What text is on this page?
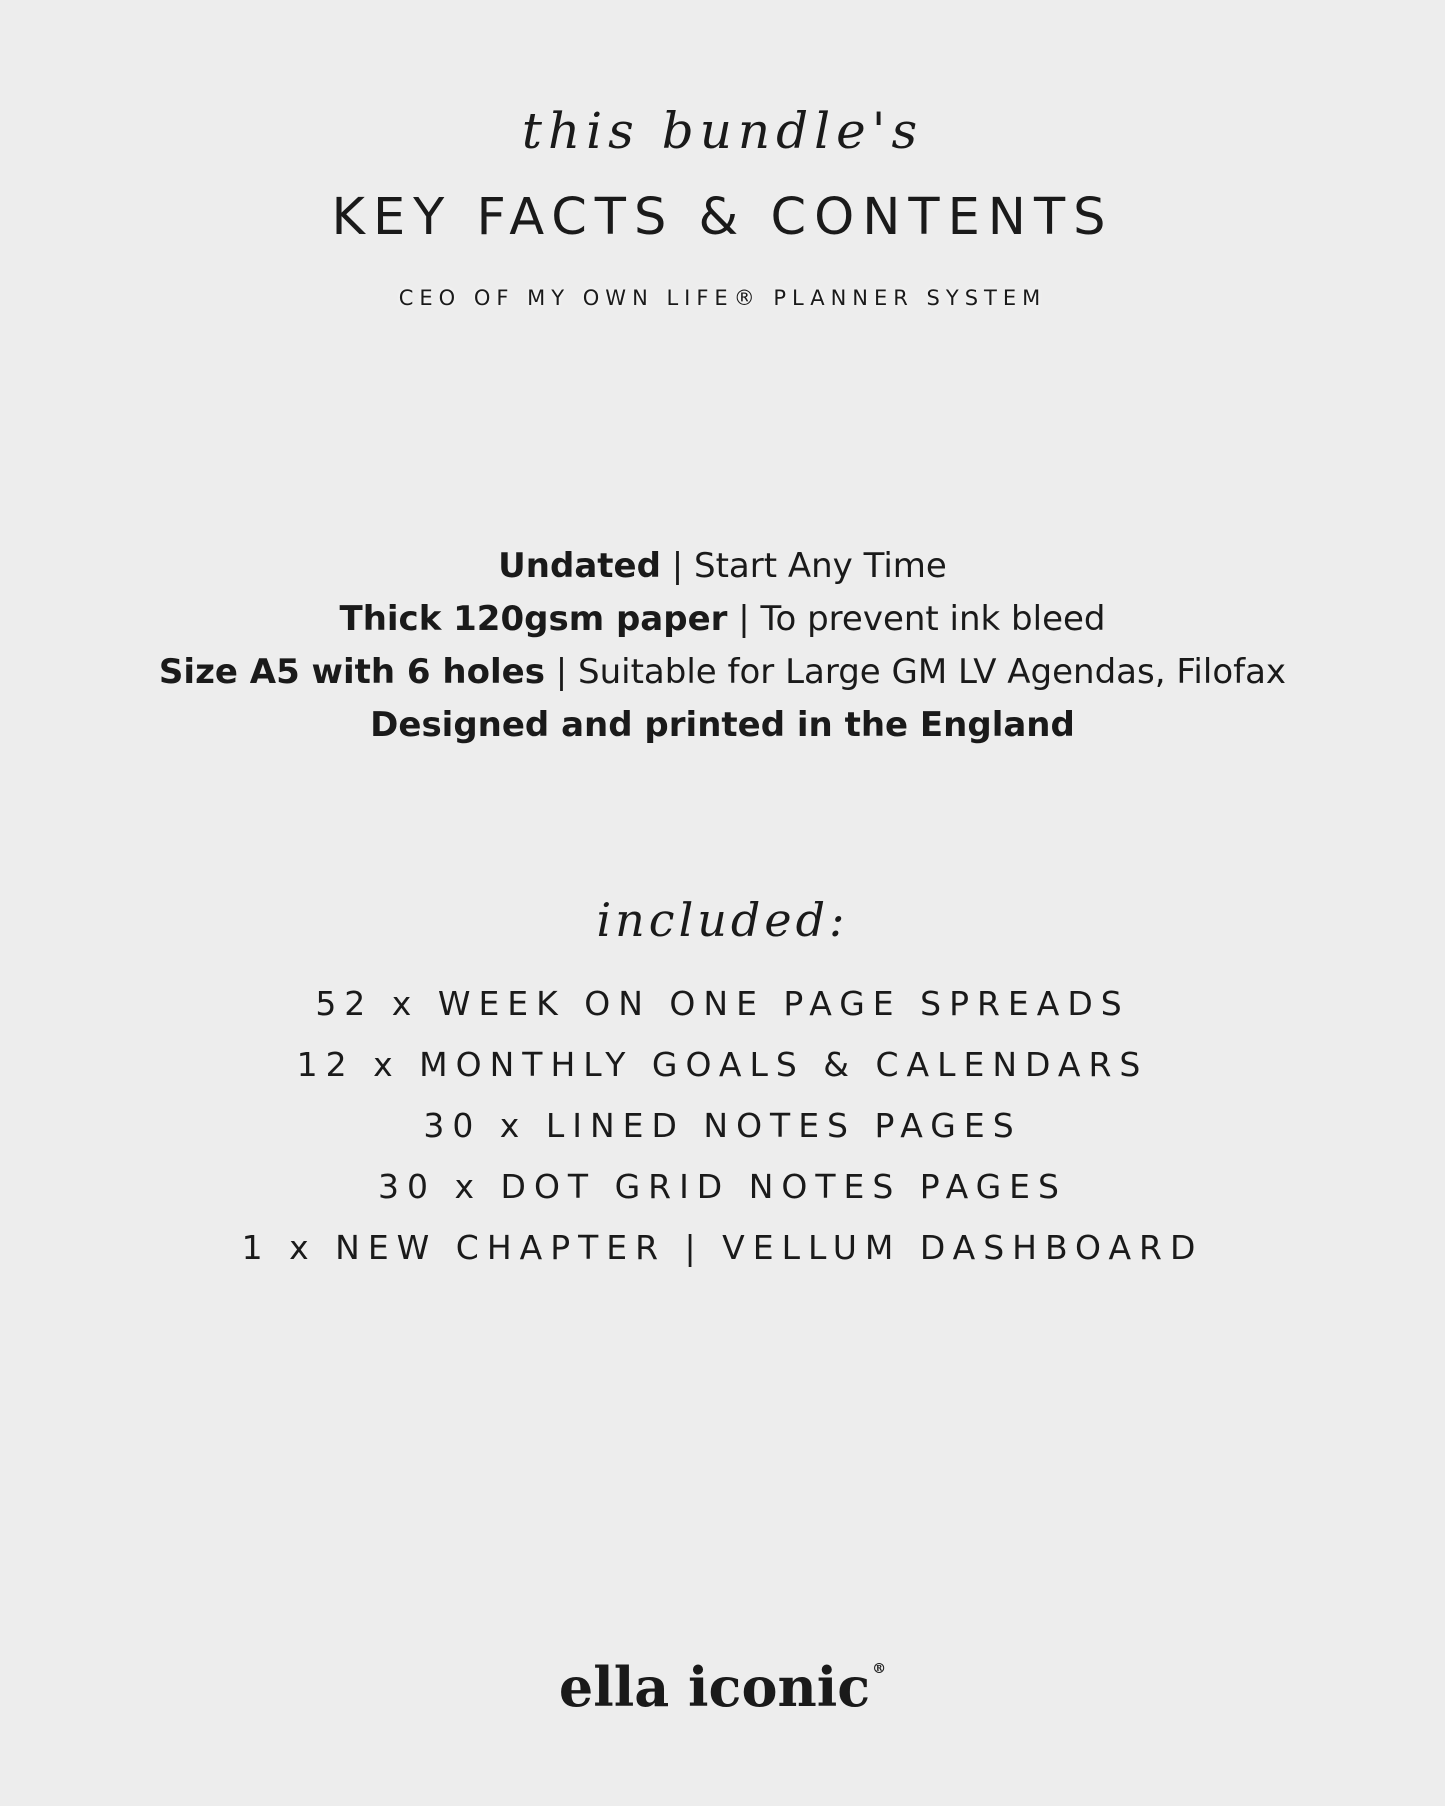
this bundle's
KEY FACTS & CONTENTS
CEO OF MY OWN LIFE® PLANNER SYSTEM
Undated | Start Any Time
Thick 120gsm paper | To prevent ink bleed
Size A5 with 6 holes | Suitable for Large GM LV Agendas, Filofax
Designed and printed in the England
included:
52 x WEEK ON ONE PAGE SPREADS
12 x MONTHLY GOALS & CALENDARS
30 x LINED NOTES PAGES
30 x DOT GRID NOTES PAGES
1 x NEW CHAPTER | VELLUM DASHBOARD
ella iconic ®
